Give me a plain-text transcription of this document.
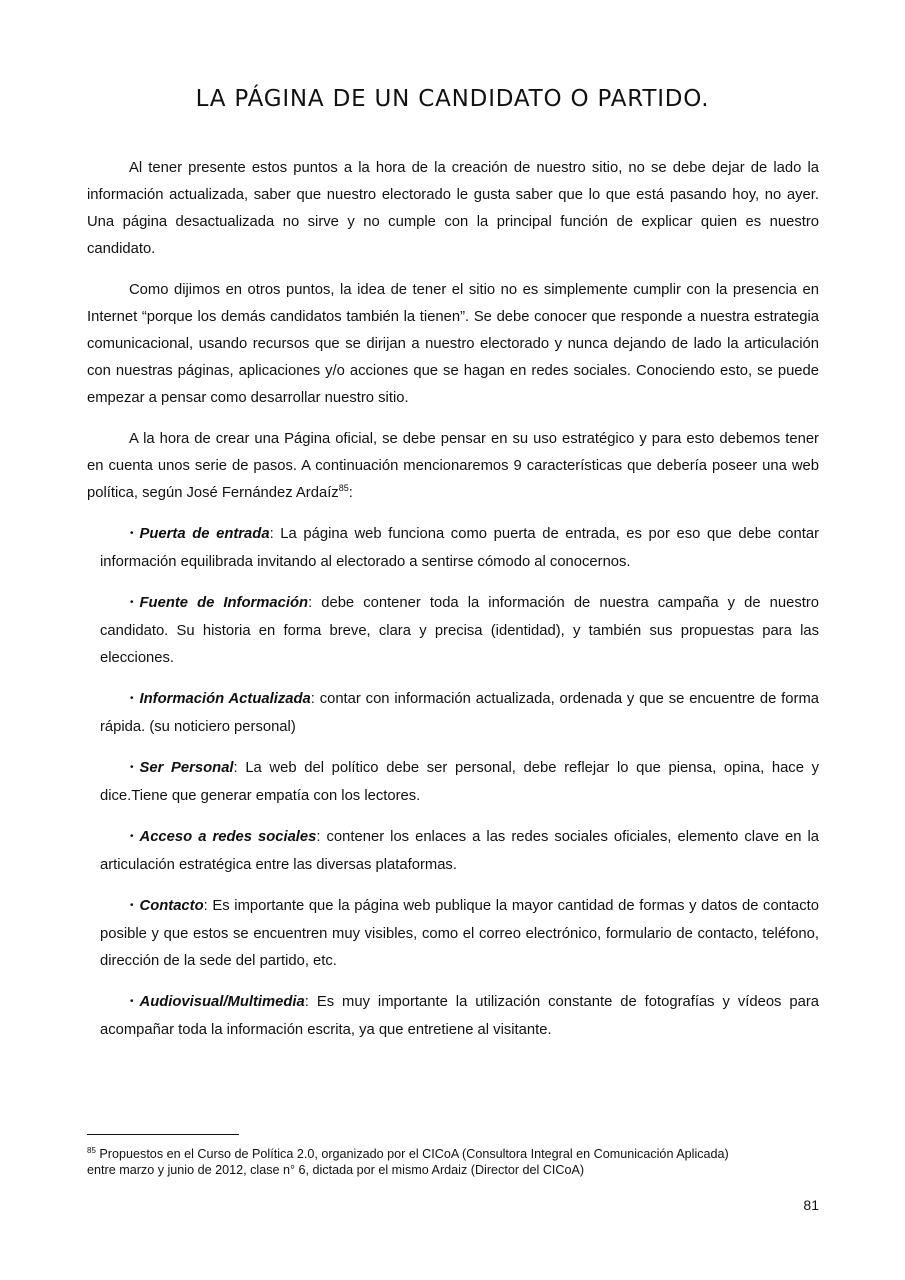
LA PÁGINA DE UN CANDIDATO O PARTIDO.

Al tener presente estos puntos a la hora de la creación de nuestro sitio, no se debe dejar de lado la información actualizada, saber que nuestro electorado le gusta saber que lo que está pasando hoy, no ayer. Una página desactualizada no sirve y no cumple con la principal función de explicar quien es nuestro candidato.

Como dijimos en otros puntos, la idea de tener el sitio no es simplemente cumplir con la presencia en Internet “porque los demás candidatos también la tienen”. Se debe conocer que responde a nuestra estrategia comunicacional, usando recursos que se dirijan a nuestro electorado y nunca dejando de lado la articulación con nuestras páginas, aplicaciones y/o acciones que se hagan en redes sociales. Conociendo esto, se puede empezar a pensar como desarrollar nuestro sitio.

A la hora de crear una Página oficial, se debe pensar en su uso estratégico y para esto debemos tener en cuenta unos serie de pasos. A continuación mencionaremos 9 características que debería poseer una web política, según José Fernández Ardaíz$^{85}$:

• Puerta de entrada: La página web funciona como puerta de entrada, es por eso que debe contar información equilibrada invitando al electorado a sentirse cómodo al conocernos.
• Fuente de Información: debe contener toda la información de nuestra campaña y de nuestro candidato. Su historia en forma breve, clara y precisa (identidad), y también sus propuestas para las elecciones.
• Información Actualizada: contar con información actualizada, ordenada y que se encuentre de forma rápida. (su noticiero personal)
• Ser Personal: La web del político debe ser personal, debe reflejar lo que piensa, opina, hace y dice.Tiene que generar empatía con los lectores.
• Acceso a redes sociales: contener los enlaces a las redes sociales oficiales, elemento clave en la articulación estratégica entre las diversas plataformas.
• Contacto: Es importante que la página web publique la mayor cantidad de formas y datos de contacto posible y que estos se encuentren muy visibles, como el correo electrónico, formulario de contacto, teléfono, dirección de la sede del partido, etc.
• Audiovisual/Multimedia: Es muy importante la utilización constante de fotografías y vídeos para acompañar toda la información escrita, ya que entretiene al visitante.

$^{85}$ Propuestos en el Curso de Política 2.0, organizado por el CICoA (Consultora Integral en Comunicación Aplicada)
entre marzo y junio de 2012, clase n° 6, dictada por el mismo Ardaiz (Director del CICoA)

81
